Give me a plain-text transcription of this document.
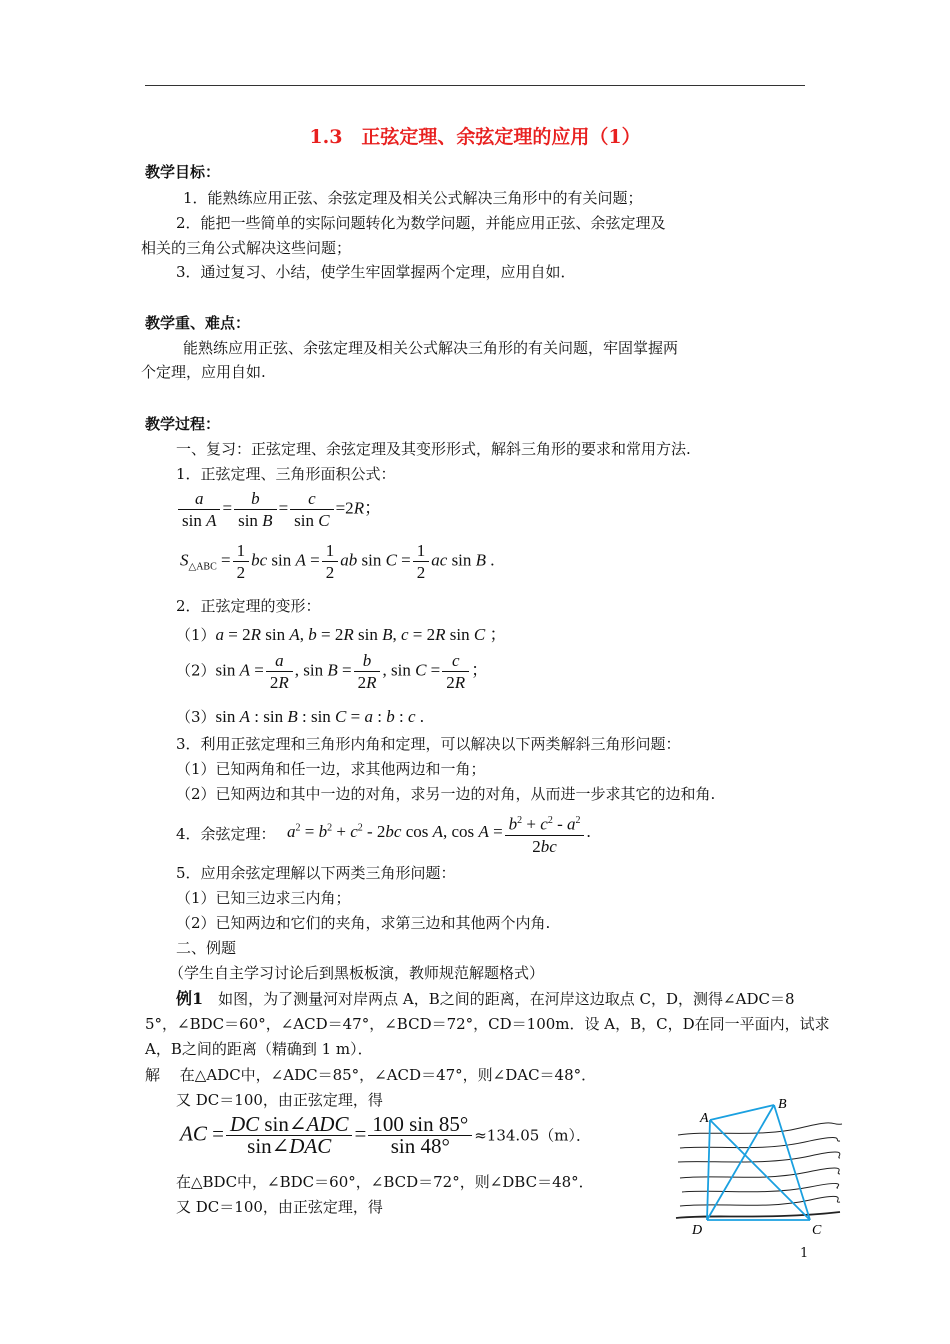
1.3　正弦定理、余弦定理的应用（1）
教学目标：
1．能熟练应用正弦、余弦定理及相关公式解决三角形中的有关问题；
2．能把一些简单的实际问题转化为数学问题，并能应用正弦、余弦定理及
相关的三角公式解决这些问题；
3．通过复习、小结，使学生牢固掌握两个定理，应用自如．
教学重、难点：
能熟练应用正弦、余弦定理及相关公式解决三角形的有关问题，牢固掌握两
个定理，应用自如.
教学过程：
一、复习：正弦定理、余弦定理及其变形形式，解斜三角形的要求和常用方法.
1．正弦定理、三角形面积公式：
$\frac{a}{\text{sin A}} = \frac{b}{\text{sin B}} = \frac{c}{\text{sin C}} =2R$；
$S_{\triangle ABC} = \frac{1}{2}$ bc $\sin A = \frac{1}{2}$ ab $\sin C = \frac{1}{2}$ ac sin B .
2．正弦定理的变形：
（1）a = 2R sin A, b = 2R sin B, c = 2R sin C ；
（2）sin $A = \frac{a}{2R}$ , $\sin B = \frac{b}{2R}$ , $\sin C = \frac{c}{2R}$ ；
（3）sin A : sin B : sin C = a : b : c .
3．利用正弦定理和三角形内角和定理，可以解决以下两类解斜三角形问题：
（1）已知两角和任一边，求其他两边和一角；
（2）已知两边和其中一边的对角，求另一边的对角，从而进一步求其它的边和角.
4．余弦定理： $a^2 = b^2 + c^2 - 2bc$ cos A, $\cos A = \frac{b^2 + c^2 - a^2}{2bc}$ .
5．应用余弦定理解以下两类三角形问题：
（1）已知三边求三内角；
（2）已知两边和它们的夹角，求第三边和其他两个内角.
二、例题
（学生自主学习讨论后到黑板板演，教师规范解题格式）
例1　 如图，为了测量河对岸两点 A，B之间的距离，在河岸这边取点 C，D，测得∠ADC＝8
5°，∠BDC＝60°，∠ACD＝47°，∠BCD＝72°，CD＝100m．设 A，B，C，D在同一平面内，试求
A，B之间的距离（精确到 1 m）．
解　 在△ADC中，∠ADC＝85°，∠ACD＝47°，则∠DAC＝48°．
又 DC＝100，由正弦定理，得
AC = $\frac{\text{DC sin∠ADC}}{\text{sin∠DAC}} = \frac{100 \sin 85^\circ}{\sin 48^\circ} \approx 134.05(m)$．
在△BDC中，∠BDC＝60°，∠BCD＝72°，则∠DBC＝48°．
又 DC＝100，由正弦定理，得
A
B
C
D
1
